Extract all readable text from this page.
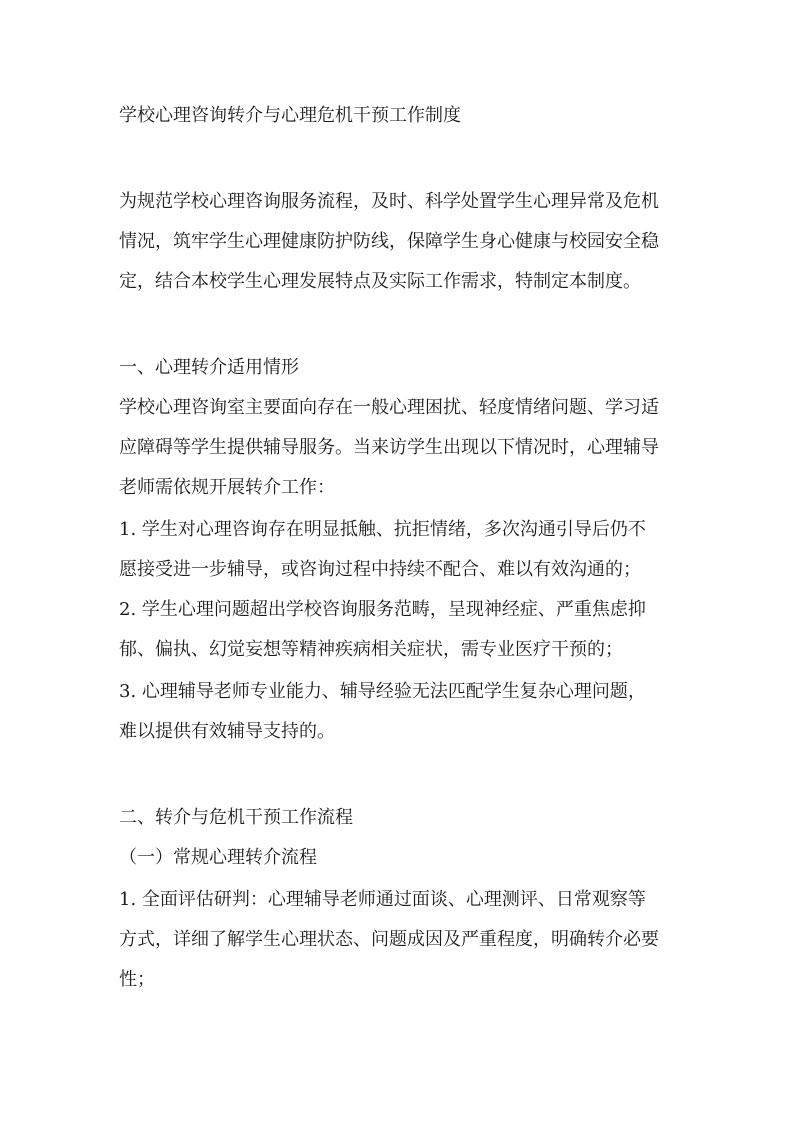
学校心理咨询转介与心理危机干预工作制度
为规范学校心理咨询服务流程，及时、科学处置学生心理异常及危机
情况，筑牢学生心理健康防护防线，保障学生身心健康与校园安全稳
定，结合本校学生心理发展特点及实际工作需求，特制定本制度。
一、心理转介适用情形
学校心理咨询室主要面向存在一般心理困扰、轻度情绪问题、学习适
应障碍等学生提供辅导服务。当来访学生出现以下情况时，心理辅导
老师需依规开展转介工作：
1. 学生对心理咨询存在明显抵触、抗拒情绪，多次沟通引导后仍不
愿接受进一步辅导，或咨询过程中持续不配合、难以有效沟通的；
2. 学生心理问题超出学校咨询服务范畴，呈现神经症、严重焦虑抑
郁、偏执、幻觉妄想等精神疾病相关症状，需专业医疗干预的；
3. 心理辅导老师专业能力、辅导经验无法匹配学生复杂心理问题，
难以提供有效辅导支持的。
二、转介与危机干预工作流程
（一）常规心理转介流程
1. 全面评估研判：心理辅导老师通过面谈、心理测评、日常观察等
方式，详细了解学生心理状态、问题成因及严重程度，明确转介必要
性；
